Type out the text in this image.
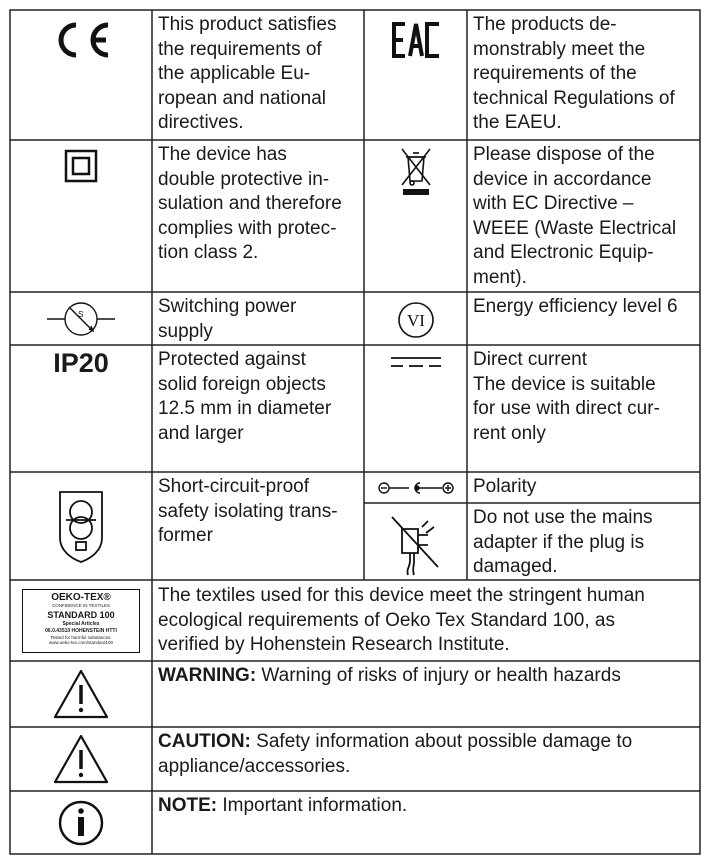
This product satisfies
the requirements of
the applicable Eu-
ropean and national
directives.
The products de-
monstrably meet the
requirements of the
technical Regulations of
the EAEU.
The device has
double protective in-
sulation and therefore
complies with protec-
tion class 2.
Please dispose of the
device in accordance
with EC Directive –
WEEE (Waste Electrical
and Electronic Equip-
ment).
S	Switching power
supply
VI
Energy efficiency level 6
IP20	Protected against
solid foreign objects
12.5 mm in diameter
and larger
Direct current
The device is suitable
for use with direct cur-
rent only
Short-circuit-proof
safety isolating trans-
former
Polarity
Do not use the mains
adapter if the plug is
damaged.
OEKO-TEX®
CONFIDENCE IN TEXTILES
STANDARD 100
Special Articles
06.0.43510 HOHENSTEIN HTTI
Tested for harmful substances.
www.oeko-tex.com/standard100
The textiles used for this device meet the stringent human
ecological requirements of Oeko Tex Standard 100, as
verified by Hohenstein Research Institute.
WARNING: Warning of risks of injury or health hazards
CAUTION: Safety information about possible damage to
appliance/accessories.
NOTE: Important information.
